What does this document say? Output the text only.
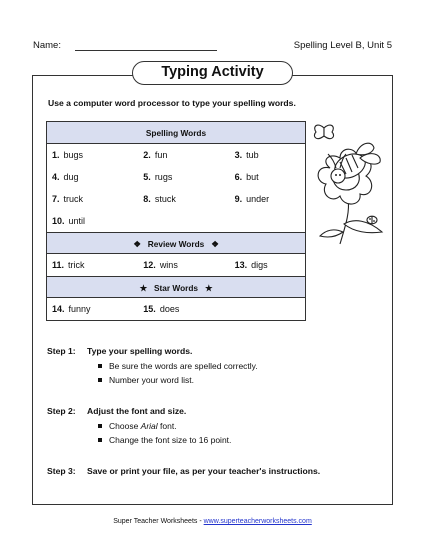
Name:	Spelling Level B, Unit 5
Typing Activity
Use a computer word processor to type your spelling words.
Spelling Words
1. bugs	2. fun	3. tub
4. dug	5. rugs	6. but
7. truck	8. stuck	9. under
10. until
❖ Review Words ❖
11. trick	12. wins	13. digs
★ Star Words ★
14. funny	15. does
Step 1: Type your spelling words.
Be sure the words are spelled correctly.
Number your word list.
Step 2: Adjust the font and size.
Choose Arial font.
Change the font size to 16 point.
Step 3: Save or print your file, as per your teacher's instructions.
Super Teacher Worksheets - www.superteacherworksheets.com
